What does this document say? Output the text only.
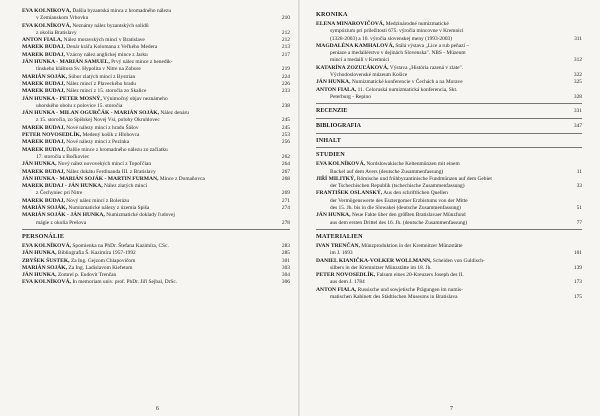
EVA KOLNÍKOVÁ, Ďalšia byzantská minca z hromadného nálezu
v Zemianskom Vrbovku	210
EVA KOLNÍKOVÁ, Neznámy nález byzantských solidů
z okolia Bratislavy	212
ANTON FIALA, Nález moravských mincí v Bratislave	212
MAREK BUDAJ, Denár kráľa Kolomana z Veľkého Medera	213
MAREK BUDAJ, Vzácny nález anglickej mince z Jarku	217
JÁN HUNKA - MARIÁN SAMUEL, Prvý nález mince z benedik-
tínskeho kláštora Sv. Hypolita v Nitre na Zobore	219
MARIÁN SOJÁK, Súbor zlatých mincí z Bystrian	224
MAREK BUDAJ, Nález mincí z Plaveckého hradu	226
MAREK BUDAJ, Nález mincí z 15. storočia zo Skalice	233
JÁN HUNKA - PETER MOSNÝ, Výnimočný objav neznámeho
uhorského obolu z polovice 15. storočia	238
JÁN HUNKA - MILAN OGURČÁK - MARIÁN SOJÁK, Nález denáru
z 15. storočia, zo Spišskej Novej Vsi, polohy Okruhlovec	245
MAREK BUDAJ, Nové nálezy mincí z hradu Šášov	245
PETER NOVOSEDLÍK, Medený košík z Hlohovca	253
MAREK BUDAJ, Nové nálezy mincí z Pezinka	256
MAREK BUDAJ, Ďalšie mince z hromadného nálezu zo začiatku
17. storočia z Bočkoviec	262
JÁN HUNKA, Nový nález novovekých mincí z Topoľčian	264
MAREK BUDAJ, Nález dukátu Ferdinanda III. z Bratislavy	267
JÁN HUNKA - MARIÁN SOJÁK - MARTIN FURMAN, Mince z Domaňovca	268
MAREK BUDAJ - JÁN HUNKA, Nález zlatých mincí
z Čechyniec pri Nitre	269
MAREK BUDAJ, Nový nález mincí z Bolerázu	271
MARIÁN SOJÁK, Numizmatické nálezy z územia Spiša	274
MARIÁN SOJÁK - JÁN HUNKA, Numizmatické doklady ľudovej
mágie z okolia Prešova	278
PERSONÁLIE
EVA KOLNÍKOVÁ, Spomienka na PhDr. Štefana Kazimíra, CSc.	283
JÁN HUNKA, Bibliografia Š. Kazimíra 1957-1992	285
ZBYŠEK ŠUSTEK, Za Ing. Gejzom Chlapovičom	301
MARIÁN SOJÁK, Za Ing. Ladislavom Kiefetom	303
JÁN HUNKA, Zomrel p. Eudovít Trenčan	304
EVA KOLNÍKOVÁ, In memoriam univ. prof. PhDr. Jiří Sejbal, DrSc.	306
KRONIKA
ELENA MINAROVIČOVÁ, Medzinárodné numizmatické
sympózium pri príležitosti 675. výročia mincovne v Kremnici
(1328-2003) a 10. výročia slovenskej meny (1993-2003)	311
MAGDALÉNA KAMHALOVÁ, Stálá výstava „Lice a rub peňazí –
peniaze a medailérstvo v dejinách Slovenska". NBS - Múzeum
mincí a medailí v Kremnici	312
KATARÍNA ZOZUĽÁKOVÁ, Výstava „História razená v zlate".
Východoslovenské múzeum Košice	322
JÁN HUNKA, Numizmatické konferencie v Čechách a na Morave	325
ANTON FIALA, 11. Celoruská numizmatická konferencia, Skt.
Peterburg - Repino	328
RECENZIE	331
BIBLIOGRAFIA	347
INHALT
STUDIEN
EVA KOLNÍKOVÁ, Nordslowakische Keltenmünzen mit einem
Buckel auf dem Avers (deutsche Zusammenfassung)	11
JIŘÍ MILITKÝ, Römische und frühbyzantinische Fundmünzen auf dem Gebiet
der Tschechischen Republik (tschechische Zusammenfassung)	33
FRANTIŠEK OSLANSKÝ, Aus den schriftlichen Quellen
der Vermögenswerte des Esztergomer Erzbistums von der Mitte
des 15. Jh. bis in die Slowakei (deutsche Zusammenfassung)	51
JÁN HUNKA, Neue Fakte über den größten Bratislavaer Münzfund
aus dem ersten Drittel des 16. Jh. (deutsche Zusammenfassung)	77
MATERIALIEN
IVAN TRENČAN, Münzproduktion in der Kremnitzer Münzstätte
im J. 1693	101
DANIEL KIANIČKA-VOLKER WOLLMANN, Scheiden von Guldisch-
silbers in der Kremnitzer Münzstätte im 18. Jh.	139
PETER NOVOSEDLÍK, Falsum eines 20-Kreuzers Joseph des II.
aus dem J. 1784	173
ANTON FIALA, Russische und sowjetische Prägungen im numis-
matischen Kabinett des Städtischen Museums in Bratislava	175
6	7
